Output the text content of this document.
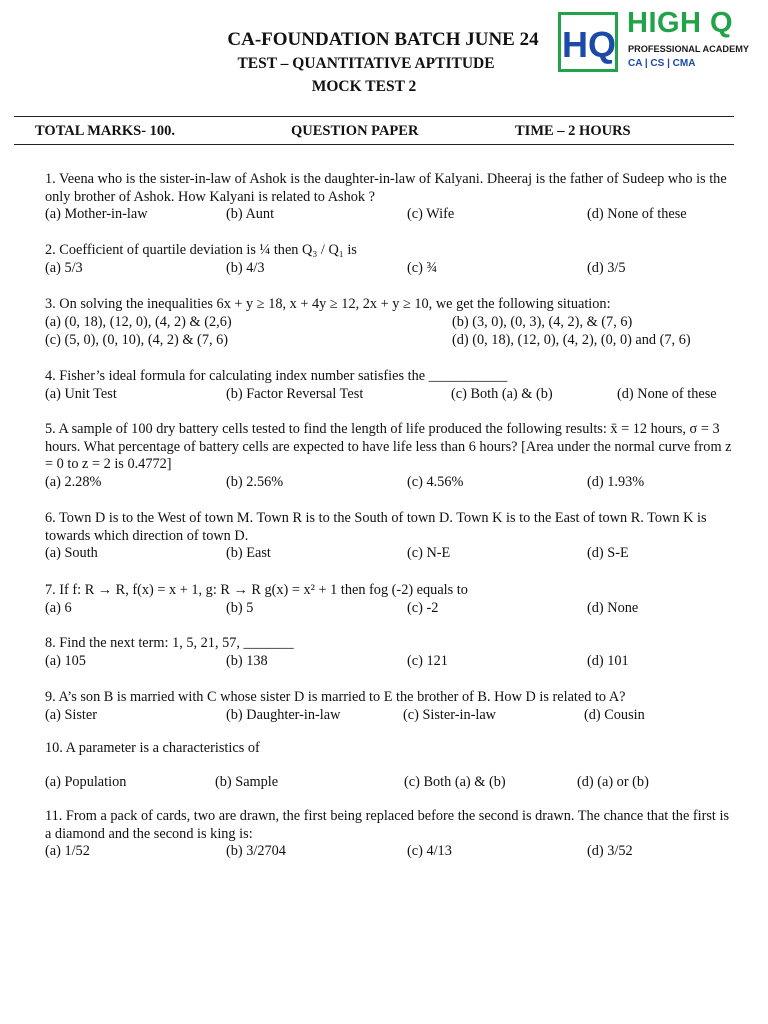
CA-FOUNDATION BATCH JUNE 24
TEST – QUANTITATIVE APTITUDE
MOCK TEST 2
HQ
HIGH Q
PROFESSIONAL ACADEMY
CA | CS | CMA
TOTAL MARKS- 100.	QUESTION PAPER	TIME – 2 HOURS

1. Veena who is the sister-in-law of Ashok is the daughter-in-law of Kalyani. Dheeraj is the father of Sudeep who is the only brother of Ashok. How Kalyani is related to Ashok ?

(a) Mother-in-law	(b) Aunt	(c) Wife	(d) None of these

2. Coefficient of quartile deviation is ¼ then Q₃ / Q₁ is

(a) 5/3	(b) 4/3	(c) ¾	(d) 3/5

3. On solving the inequalities 6x + y ≥ 18, x + 4y ≥ 12, 2x + y ≥ 10, we get the following situation:

(a) (0, 18), (12, 0), (4, 2) & (2,6)	(b) (3, 0), (0, 3), (4, 2), & (7, 6)
(c) (5, 0), (0, 10), (4, 2) & (7, 6)	(d) (0, 18), (12, 0), (4, 2), (0, 0) and (7, 6)

4. Fisher’s ideal formula for calculating index number satisfies the ___________

(a) Unit Test	(b) Factor Reversal Test	(c) Both (a) & (b)	(d) None of these

5. A sample of 100 dry battery cells tested to find the length of life produced the following results: x̄ = 12 hours, σ = 3 hours. What percentage of battery cells are expected to have life less than 6 hours? [Area under the normal curve from z = 0 to z = 2 is 0.4772]

(a) 2.28%	(b) 2.56%	(c) 4.56%	(d) 1.93%

6. Town D is to the West of town M. Town R is to the South of town D. Town K is to the East of town R. Town K is towards which direction of town D.

(a) South	(b) East	(c) N-E	(d) S-E

7. If f: R → R, f(x) = x + 1, g: R → R g(x) = x² + 1 then fog (-2) equals to

(a) 6	(b) 5	(c) -2	(d) None

8. Find the next term: 1, 5, 21, 57, _______

(a) 105	(b) 138	(c) 121	(d) 101

9. A’s son B is married with C whose sister D is married to E the brother of B. How D is related to A?

(a) Sister	(b) Daughter-in-law	(c) Sister-in-law	(d) Cousin

10. A parameter is a characteristics of

(a) Population	(b) Sample	(c) Both (a) & (b)	(d) (a) or (b)

11. From a pack of cards, two are drawn, the first being replaced before the second is drawn. The chance that the first is a diamond and the second is king is:

(a) 1/52	(b) 3/2704	(c) 4/13	(d) 3/52
